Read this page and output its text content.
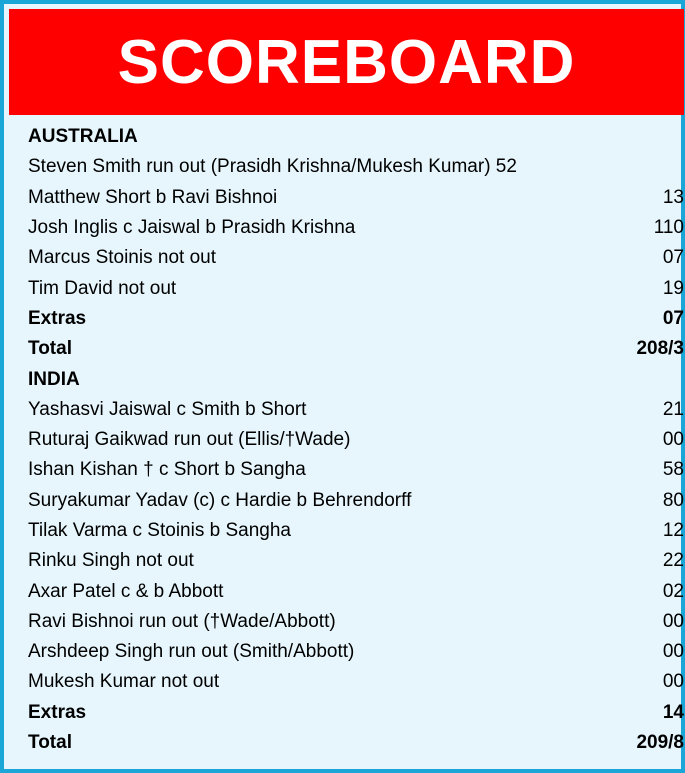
SCOREBOARD
AUSTRALIA
Steven Smith run out (Prasidh Krishna/Mukesh Kumar) 52
Matthew Short b Ravi Bishnoi	13
Josh Inglis c Jaiswal b Prasidh Krishna	110
Marcus Stoinis not out	07
Tim David not out	19
Extras	07
Total	208/3
INDIA
Yashasvi Jaiswal c Smith b Short	21
Ruturaj Gaikwad run out (Ellis/†Wade)	00
Ishan Kishan † c Short b Sangha	58
Suryakumar Yadav (c) c Hardie b Behrendorff	80
Tilak Varma c Stoinis b Sangha	12
Rinku Singh not out	22
Axar Patel c & b Abbott	02
Ravi Bishnoi run out (†Wade/Abbott)	00
Arshdeep Singh run out (Smith/Abbott)	00
Mukesh Kumar not out	00
Extras	14
Total	209/8
